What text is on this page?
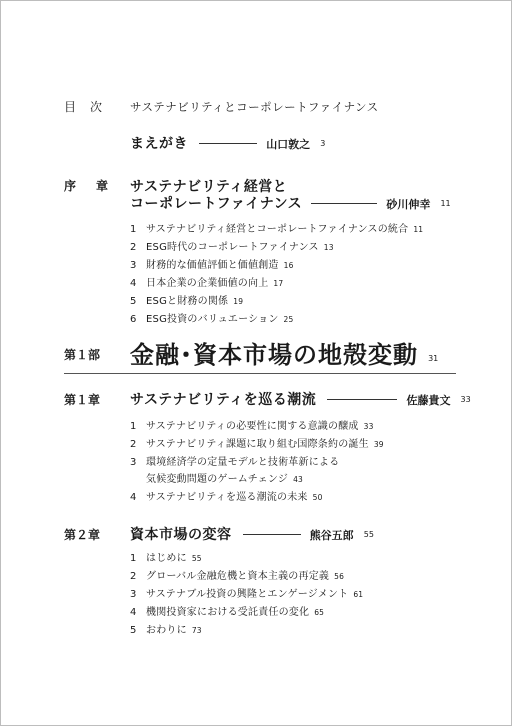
目　次 サステナビリティとコーポレートファイナンス
まえがき	山口敦之 3
序　章 サステナビリティ経営と
コーポレートファイナンス	砂川伸幸 11
1 サステナビリティ経営とコーポレートファイナンスの統合 11
2 ESG時代のコーポレートファイナンス 13
3 財務的な価値評価と価値創造 16
4 日本企業の企業価値の向上 17
5 ESGと財務の関係 19
6 ESG投資のバリュエーション 25
第１部 金融･資本市場の地殻変動 31
第１章 サステナビリティを巡る潮流	佐藤貴文 33
1 サステナビリティの必要性に関する意識の醸成 33
2 サステナビリティ課題に取り組む国際条約の誕生 39
3 環境経済学の定量モデルと技術革新による
気候変動問題のゲームチェンジ 43
4 サステナビリティを巡る潮流の未来 50
第２章 資本市場の変容	熊谷五郎 55
1 はじめに 55
2 グローバル金融危機と資本主義の再定義 56
3 サステナブル投資の興隆とエンゲージメント 61
4 機関投資家における受託責任の変化 65
5 おわりに 73
